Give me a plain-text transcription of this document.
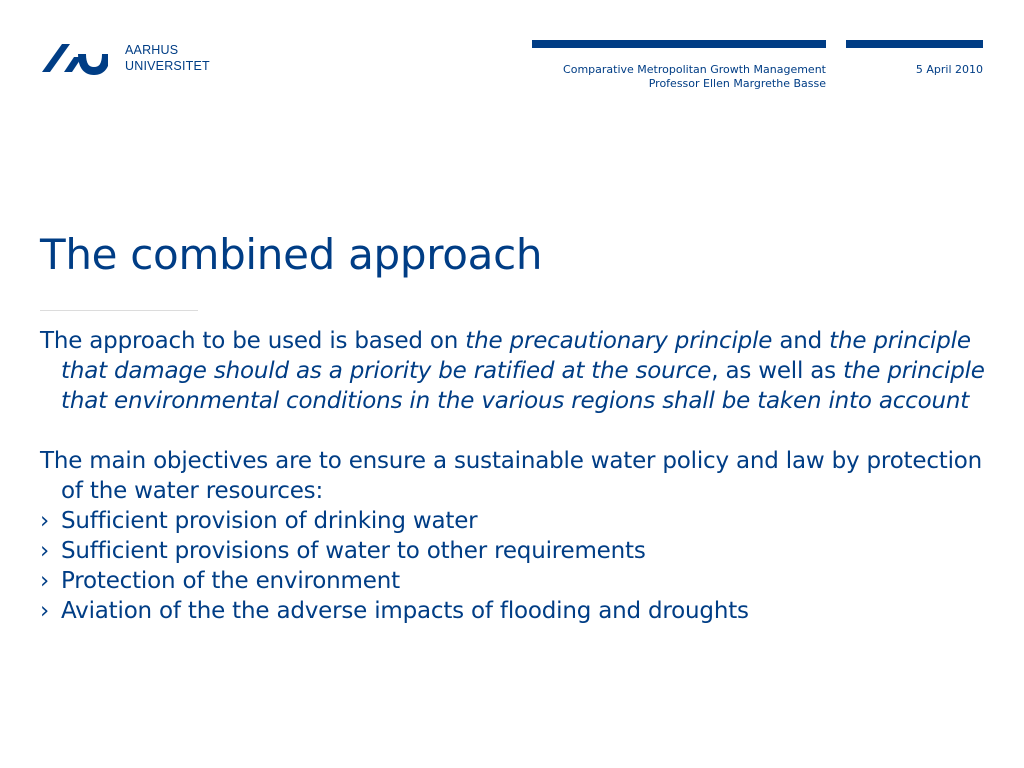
AARHUS
UNIVERSITET	Comparative Metropolitan Growth Management
Professor Ellen Margrethe Basse
5 April 2010
The combined approach

The approach to be used is based on the precautionary principle and the principle that damage should as a priority be ratified at the source, as well as the principle that environmental conditions in the various regions shall be taken into account

The main objectives are to ensure a sustainable water policy and law by protection of the water resources:

› Sufficient provision of drinking water
› Sufficient provisions of water to other requirements
› Protection of the environment
› Aviation of the the adverse impacts of flooding and droughts
